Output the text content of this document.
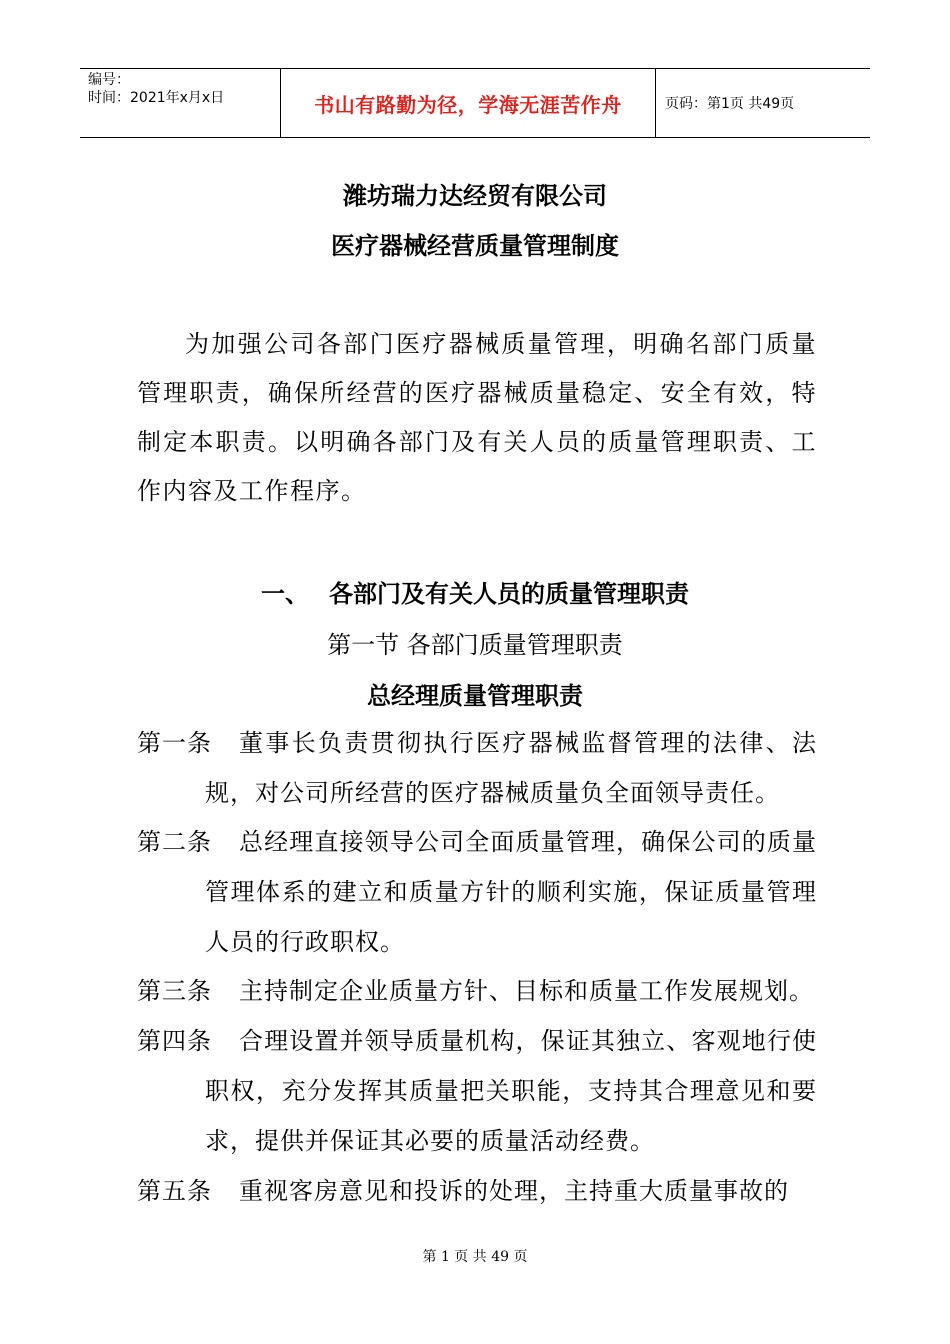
编号：
时间：2021年x月x日	书山有路勤为径，学海无涯苦作舟	页码：第1页 共49页
潍坊瑞力达经贸有限公司
医疗器械经营质量管理制度

为加强公司各部门医疗器械质量管理，明确名部门质量管理职责，确保所经营的医疗器械质量稳定、安全有效，特制定本职责。以明确各部门及有关人员的质量管理职责、工作内容及工作程序。

一、 各部门及有关人员的质量管理职责
第一节 各部门质量管理职责
总经理质量管理职责
第一条	董事长负责贯彻执行医疗器械监督管理的法律、法规，对公司所经营的医疗器械质量负全面领导责任。
第二条	总经理直接领导公司全面质量管理，确保公司的质量管理体系的建立和质量方针的顺利实施，保证质量管理人员的行政职权。
第三条	主持制定企业质量方针、目标和质量工作发展规划。
第四条	合理设置并领导质量机构，保证其独立、客观地行使职权，充分发挥其质量把关职能，支持其合理意见和要求，提供并保证其必要的质量活动经费。
第五条	重视客房意见和投诉的处理，主持重大质量事故的
第 1 页 共 49 页
